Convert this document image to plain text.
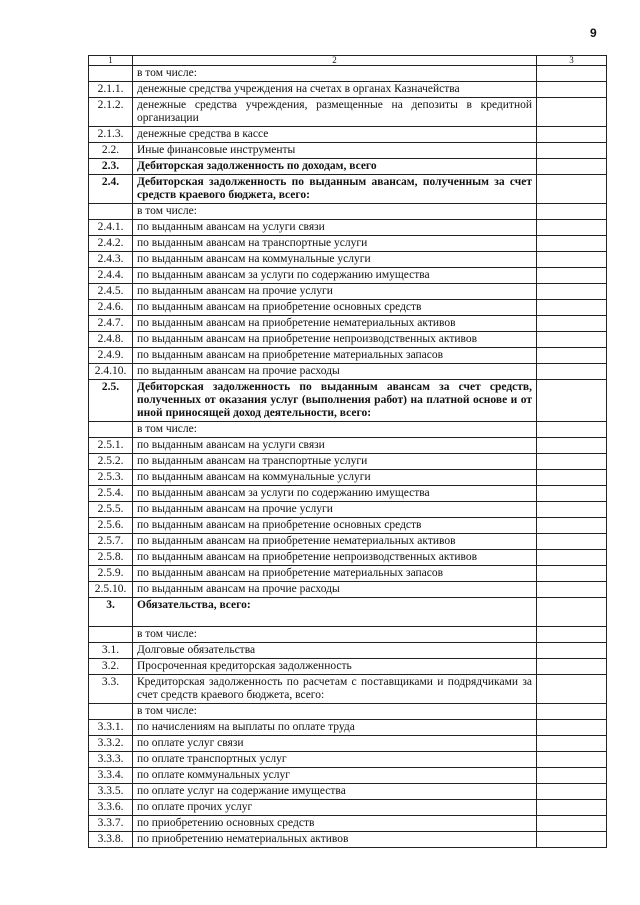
9
1	2	3
	в том числе:	
2.1.1.	денежные средства учреждения на счетах в органах Казначейства	
2.1.2.	денежные средства учреждения, размещенные на депозиты в кредитной организации	
2.1.3.	денежные средства в кассе	
2.2.	Иные финансовые инструменты	
2.3.	Дебиторская задолженность по доходам, всего	
2.4.	Дебиторская задолженность по выданным авансам, полученным за счет средств краевого бюджета, всего:	
	в том числе:	
2.4.1.	по выданным авансам на услуги связи	
2.4.2.	по выданным авансам на транспортные услуги	
2.4.3.	по выданным авансам на коммунальные услуги	
2.4.4.	по выданным авансам за услуги по содержанию имущества	
2.4.5.	по выданным авансам на прочие услуги	
2.4.6.	по выданным авансам на приобретение основных средств	
2.4.7.	по выданным авансам на приобретение нематериальных активов	
2.4.8.	по выданным авансам на приобретение непроизводственных активов	
2.4.9.	по выданным авансам на приобретение материальных запасов	
2.4.10.	по выданным авансам на прочие расходы	
2.5.	Дебиторская задолженность по выданным авансам за счет средств, полученных от оказания услуг (выполнения работ) на платной основе и от иной приносящей доход деятельности, всего:	
	в том числе:	
2.5.1.	по выданным авансам на услуги связи	
2.5.2.	по выданным авансам на транспортные услуги	
2.5.3.	по выданным авансам на коммунальные услуги	
2.5.4.	по выданным авансам за услуги по содержанию имущества	
2.5.5.	по выданным авансам на прочие услуги	
2.5.6.	по выданным авансам на приобретение основных средств	
2.5.7.	по выданным авансам на приобретение нематериальных активов	
2.5.8.	по выданным авансам на приобретение непроизводственных активов	
2.5.9.	по выданным авансам на приобретение материальных запасов	
2.5.10.	по выданным авансам на прочие расходы	
3.	Обязательства, всего:	
	в том числе:	
3.1.	Долговые обязательства	
3.2.	Просроченная кредиторская задолженность	
3.3.	Кредиторская задолженность по расчетам с поставщиками и подрядчиками за счет средств краевого бюджета, всего:	
	в том числе:	
3.3.1.	по начислениям на выплаты по оплате труда	
3.3.2.	по оплате услуг связи	
3.3.3.	по оплате транспортных услуг	
3.3.4.	по оплате коммунальных услуг	
3.3.5.	по оплате услуг на содержание имущества	
3.3.6.	по оплате прочих услуг	
3.3.7.	по приобретению основных средств	
3.3.8.	по приобретению нематериальных активов	
